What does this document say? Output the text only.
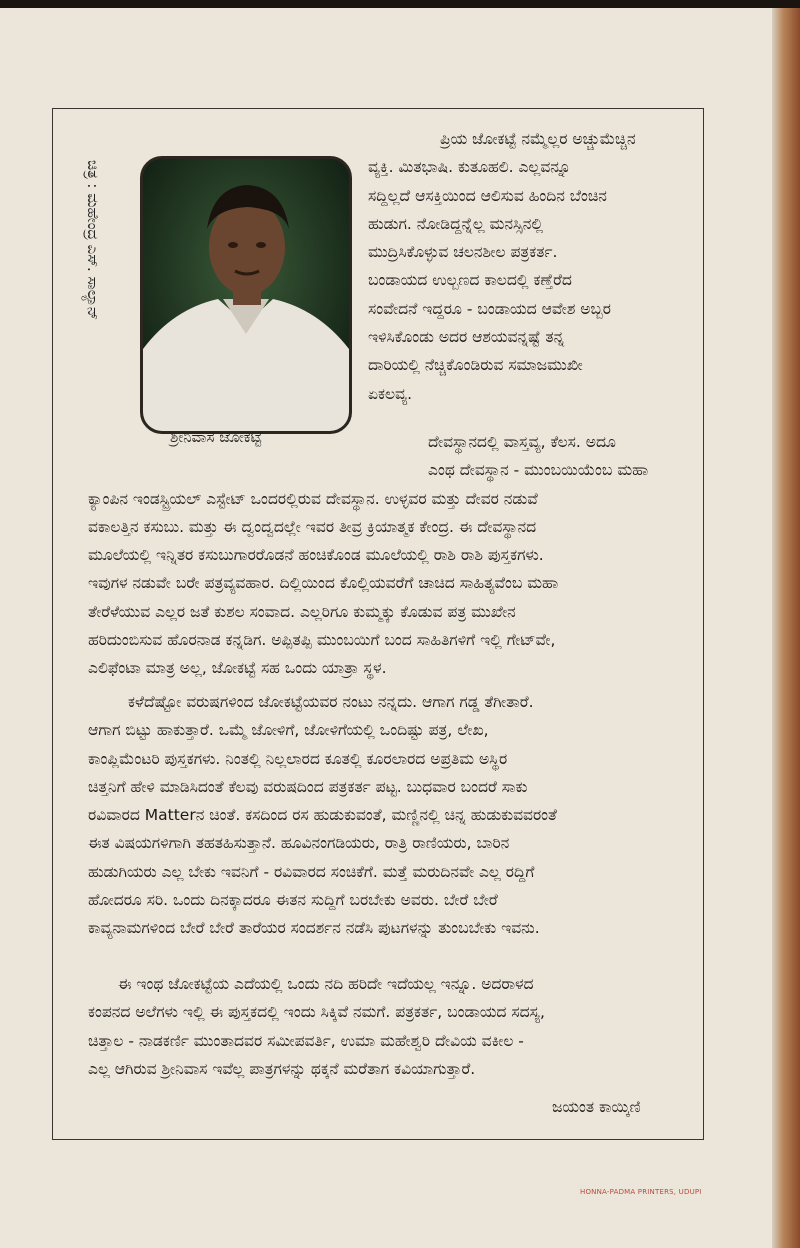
ಚಿತ್ರ : ಮಹೇಂದ್ರ ಎಸ್. ಸಾಲ್ಯಾನ್
ಪ್ರಿಯ ಜೋಕಟ್ಟೆ ನಮ್ಮೆಲ್ಲರ ಅಚ್ಚುಮೆಚ್ಚಿನ
ವ್ಯಕ್ತಿ. ಮಿತಭಾಷಿ. ಕುತೂಹಲಿ. ಎಲ್ಲವನ್ನೂ
ಸದ್ದಿಲ್ಲದೆ ಆಸಕ್ತಿಯಿಂದ ಆಲಿಸುವ ಹಿಂದಿನ ಬೆಂಚಿನ
ಹುಡುಗ. ನೋಡಿದ್ದನ್ನೆಲ್ಲ ಮನಸ್ಸಿನಲ್ಲಿ
ಮುದ್ರಿಸಿಕೊಳ್ಳುವ ಚಲನಶೀಲ ಪತ್ರಕರ್ತ.
ಬಂಡಾಯದ ಉಲ್ಬಣದ ಕಾಲದಲ್ಲಿ ಕಣ್ತೆರೆದ
ಸಂವೇದನೆ ಇದ್ದರೂ - ಬಂಡಾಯದ ಆವೇಶ ಅಬ್ಬರ
ಇಳಿಸಿಕೊಂಡು ಅದರ ಆಶಯವನ್ನಷ್ಟೆ ತನ್ನ
ದಾರಿಯಲ್ಲಿ ನೆಚ್ಚಿಕೊಂಡಿರುವ ಸಮಾಜಮುಖೀ
ಏಕಲವ್ಯ.
ಶ್ರೀನಿವಾಸ ಜೋಕಟ್ಟೆ	ದೇವಸ್ಥಾನದಲ್ಲಿ ವಾಸ್ತವ್ಯ, ಕೆಲಸ. ಅದೂ
ಎಂಥ ದೇವಸ್ಥಾನ - ಮುಂಬಯಿಯೆಂಬ ಮಹಾ
ಕ್ಯಾಂಪಿನ ಇಂಡಸ್ಟ್ರಿಯಲ್ ಎಸ್ಟೇಟ್ ಒಂದರಲ್ಲಿರುವ ದೇವಸ್ಥಾನ. ಉಳ್ಳವರ ಮತ್ತು ದೇವರ ನಡುವೆ
ವಕಾಲತ್ತಿನ ಕಸುಬು. ಮತ್ತು ಈ ದ್ವಂದ್ವದಲ್ಲೇ ಇವರ ತೀವ್ರ ಕ್ರಿಯಾತ್ಮಕ ಕೇಂದ್ರ. ಈ ದೇವಸ್ಥಾನದ
ಮೂಲೆಯಲ್ಲಿ ಇನ್ನಿತರ ಕಸುಬುಗಾರರೊಡನೆ ಹಂಚಿಕೊಂಡ ಮೂಲೆಯಲ್ಲಿ ರಾಶಿ ರಾಶಿ ಪುಸ್ತಕಗಳು.
ಇವುಗಳ ನಡುವೇ ಬರೇ ಪತ್ರವ್ಯವಹಾರ. ದಿಲ್ಲಿಯಿಂದ ಕೊಲ್ಲಿಯವರೆಗೆ ಚಾಚಿದ ಸಾಹಿತ್ಯವೆಂಬ ಮಹಾ
ತೇರೆಳೆಯುವ ಎಲ್ಲರ ಜತೆ ಕುಶಲ ಸಂವಾದ. ಎಲ್ಲರಿಗೂ ಕುಮ್ಮಕ್ಕು ಕೊಡುವ ಪತ್ರ ಮುಖೇನ
ಹರಿದುಂಬಿಸುವ ಹೊರನಾಡ ಕನ್ನಡಿಗ. ಅಪ್ಪಿತಪ್ಪಿ ಮುಂಬಯಿಗೆ ಬಂದ ಸಾಹಿತಿಗಳಿಗೆ ಇಲ್ಲಿ ಗೇಟ್‌ವೇ,
ಎಲಿಫೆಂಟಾ ಮಾತ್ರ ಅಲ್ಲ, ಜೋಕಟ್ಟೆ ಸಹ ಒಂದು ಯಾತ್ರಾ ಸ್ಥಳ.
ಕಳೆದೆಷ್ಟೋ ವರುಷಗಳಿಂದ ಜೋಕಟ್ಟೆಯವರ ನಂಟು ನನ್ನದು. ಆಗಾಗ ಗಡ್ಡ ತೆಗೀತಾರೆ.
ಆಗಾಗ ಬಿಟ್ಟು ಹಾಕುತ್ತಾರೆ. ಒಮ್ಮೆ ಜೋಳಿಗೆ, ಜೋಳಿಗೆಯಲ್ಲಿ ಒಂದಿಷ್ಟು ಪತ್ರ, ಲೇಖ,
ಕಾಂಪ್ಲಿಮೆಂಟರಿ ಪುಸ್ತಕಗಳು. ನಿಂತಲ್ಲಿ ನಿಲ್ಲಲಾರದ ಕೂತಲ್ಲಿ ಕೂರಲಾರದ ಅಪ್ರತಿಮ ಅಸ್ಥಿರ
ಚಿತ್ತನಿಗೆ ಹೇಳಿ ಮಾಡಿಸಿದಂತೆ ಕೆಲವು ವರುಷದಿಂದ ಪತ್ರಕರ್ತ ಪಟ್ಟ. ಬುಧವಾರ ಬಂದರೆ ಸಾಕು
ರವಿವಾರದ Matterನ ಚಿಂತೆ. ಕಸದಿಂದ ರಸ ಹುಡುಕುವಂತೆ, ಮಣ್ಣಿನಲ್ಲಿ ಚಿನ್ನ ಹುಡುಕುವವರಂತೆ
ಈತ ವಿಷಯಗಳಿಗಾಗಿ ತಹತಹಿಸುತ್ತಾನೆ. ಹೂವಿನಂಗಡಿಯರು, ರಾತ್ರಿ ರಾಣಿಯರು, ಬಾರಿನ
ಹುಡುಗಿಯರು ಎಲ್ಲ ಬೇಕು ಇವನಿಗೆ - ರವಿವಾರದ ಸಂಚಿಕೆಗೆ. ಮತ್ತೆ ಮರುದಿನವೇ ಎಲ್ಲ ರದ್ದಿಗೆ
ಹೋದರೂ ಸರಿ. ಒಂದು ದಿನಕ್ಕಾದರೂ ಈತನ ಸುದ್ದಿಗೆ ಬರಬೇಕು ಅವರು. ಬೇರೆ ಬೇರೆ
ಕಾವ್ಯನಾಮಗಳಿಂದ ಬೇರೆ ಬೇರೆ ತಾರೆಯರ ಸಂದರ್ಶನ ನಡೆಸಿ ಪುಟಗಳನ್ನು ತುಂಬಬೇಕು ಇವನು.
ಈ ಇಂಥ ಜೋಕಟ್ಟೆಯ ಎದೆಯಲ್ಲಿ ಒಂದು ನದಿ ಹರಿದೇ ಇದೆಯಲ್ಲ ಇನ್ನೂ. ಅದರಾಳದ
ಕಂಪನದ ಅಲೆಗಳು ಇಲ್ಲಿ ಈ ಪುಸ್ತಕದಲ್ಲಿ ಇಂದು ಸಿಕ್ಕಿವೆ ನಮಗೆ. ಪತ್ರಕರ್ತ, ಬಂಡಾಯದ ಸದಸ್ಯ,
ಚಿತ್ತಾಲ - ನಾಡಕರ್ಣಿ ಮುಂತಾದವರ ಸಮೀಪವರ್ತಿ, ಉಮಾ ಮಹೇಶ್ವರಿ ದೇವಿಯ ವಕೀಲ -
ಎಲ್ಲ ಆಗಿರುವ ಶ್ರೀನಿವಾಸ ಇವೆಲ್ಲ ಪಾತ್ರಗಳನ್ನು ಥಕ್ಕನೆ ಮರೆತಾಗ ಕವಿಯಾಗುತ್ತಾರೆ.
ಜಯಂತ ಕಾಯ್ಕಿಣಿ
HONNA-PADMA PRINTERS, UDUPI
